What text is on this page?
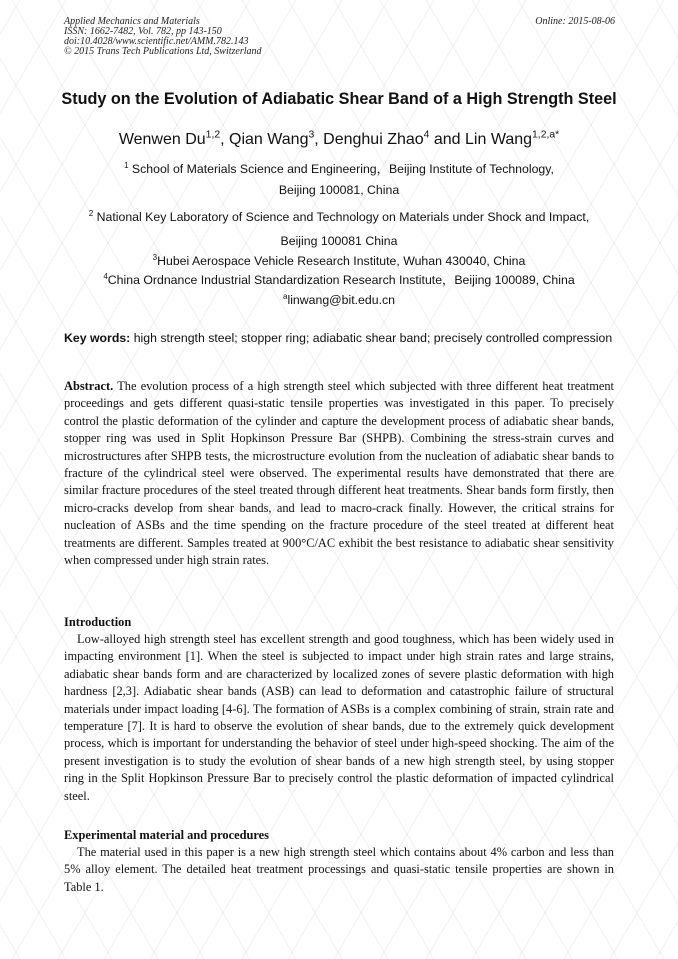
Applied Mechanics and Materials
ISSN: 1662-7482, Vol. 782, pp 143-150
doi:10.4028/www.scientific.net/AMM.782.143
© 2015 Trans Tech Publications Ltd, Switzerland
Online: 2015-08-06
Study on the Evolution of Adiabatic Shear Band of a High Strength Steel
Wenwen Du$^{1,2}$, Qian Wang$^3$, Denghui Zhao$^4$ and Lin Wang$^{1,2,a*}$
$^1$ School of Materials Science and Engineering，Beijing Institute of Technology,
Beijing 100081, China
$^2$ National Key Laboratory of Science and Technology on Materials under Shock and Impact,
Beijing 100081 China
$^3$Hubei Aerospace Vehicle Research Institute, Wuhan 430040, China
$^4$China Ordnance Industrial Standardization Research Institute，Beijing 100089, China
$^a$linwang@bit.edu.cn
Key words: high strength steel; stopper ring; adiabatic shear band; precisely controlled compression
Abstract. The evolution process of a high strength steel which subjected with three different heat treatment proceedings and gets different quasi-static tensile properties was investigated in this paper. To precisely control the plastic deformation of the cylinder and capture the development process of adiabatic shear bands, stopper ring was used in Split Hopkinson Pressure Bar (SHPB). Combining the stress-strain curves and microstructures after SHPB tests, the microstructure evolution from the nucleation of adiabatic shear bands to fracture of the cylindrical steel were observed. The experimental results have demonstrated that there are similar fracture procedures of the steel treated through different heat treatments. Shear bands form firstly, then micro-cracks develop from shear bands, and lead to macro-crack finally. However, the critical strains for nucleation of ASBs and the time spending on the fracture procedure of the steel treated at different heat treatments are different. Samples treated at 900°C/AC exhibit the best resistance to adiabatic shear sensitivity when compressed under high strain rates.
Introduction
Low-alloyed high strength steel has excellent strength and good toughness, which has been widely used in impacting environment [1]. When the steel is subjected to impact under high strain rates and large strains, adiabatic shear bands form and are characterized by localized zones of severe plastic deformation with high hardness [2,3]. Adiabatic shear bands (ASB) can lead to deformation and catastrophic failure of structural materials under impact loading [4-6]. The formation of ASBs is a complex combining of strain, strain rate and temperature [7]. It is hard to observe the evolution of shear bands, due to the extremely quick development process, which is important for understanding the behavior of steel under high-speed shocking. The aim of the present investigation is to study the evolution of shear bands of a new high strength steel, by using stopper ring in the Split Hopkinson Pressure Bar to precisely control the plastic deformation of impacted cylindrical steel.
Experimental material and procedures
The material used in this paper is a new high strength steel which contains about 4% carbon and less than 5% alloy element. The detailed heat treatment processings and quasi-static tensile properties are shown in Table 1.
